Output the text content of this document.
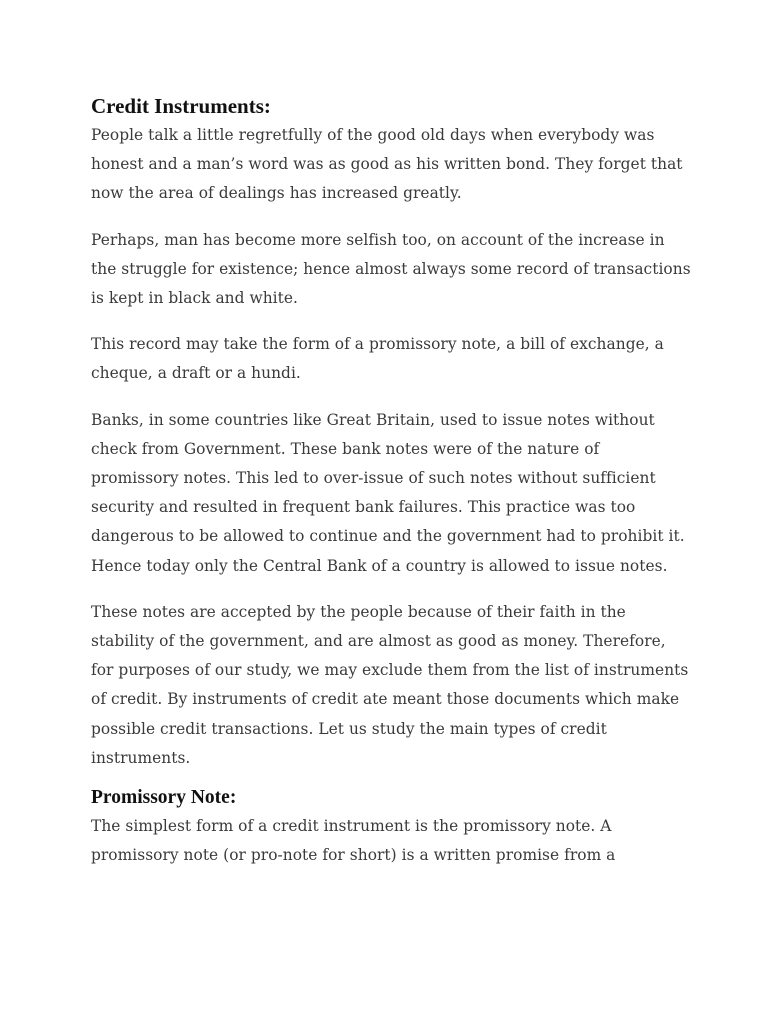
Credit Instruments:

People talk a little regretfully of the good old days when everybody was honest and a man’s word was as good as his written bond. They forget that now the area of dealings has increased greatly.

Perhaps, man has become more selfish too, on account of the increase in the struggle for existence; hence almost always some record of transactions is kept in black and white.

This record may take the form of a promissory note, a bill of exchange, a cheque, a draft or a hundi.

Banks, in some countries like Great Britain, used to issue notes without check from Government. These bank notes were of the nature of promissory notes. This led to over-issue of such notes without sufficient security and resulted in frequent bank failures. This practice was too dangerous to be allowed to continue and the government had to prohibit it. Hence today only the Central Bank of a country is allowed to issue notes.

These notes are accepted by the people because of their faith in the stability of the government, and are almost as good as money. Therefore, for purposes of our study, we may exclude them from the list of instruments of credit. By instruments of credit ate meant those documents which make possible credit transactions. Let us study the main types of credit instruments.

Promissory Note:

The simplest form of a credit instrument is the promissory note. A promissory note (or pro-note for short) is a written promise from a
